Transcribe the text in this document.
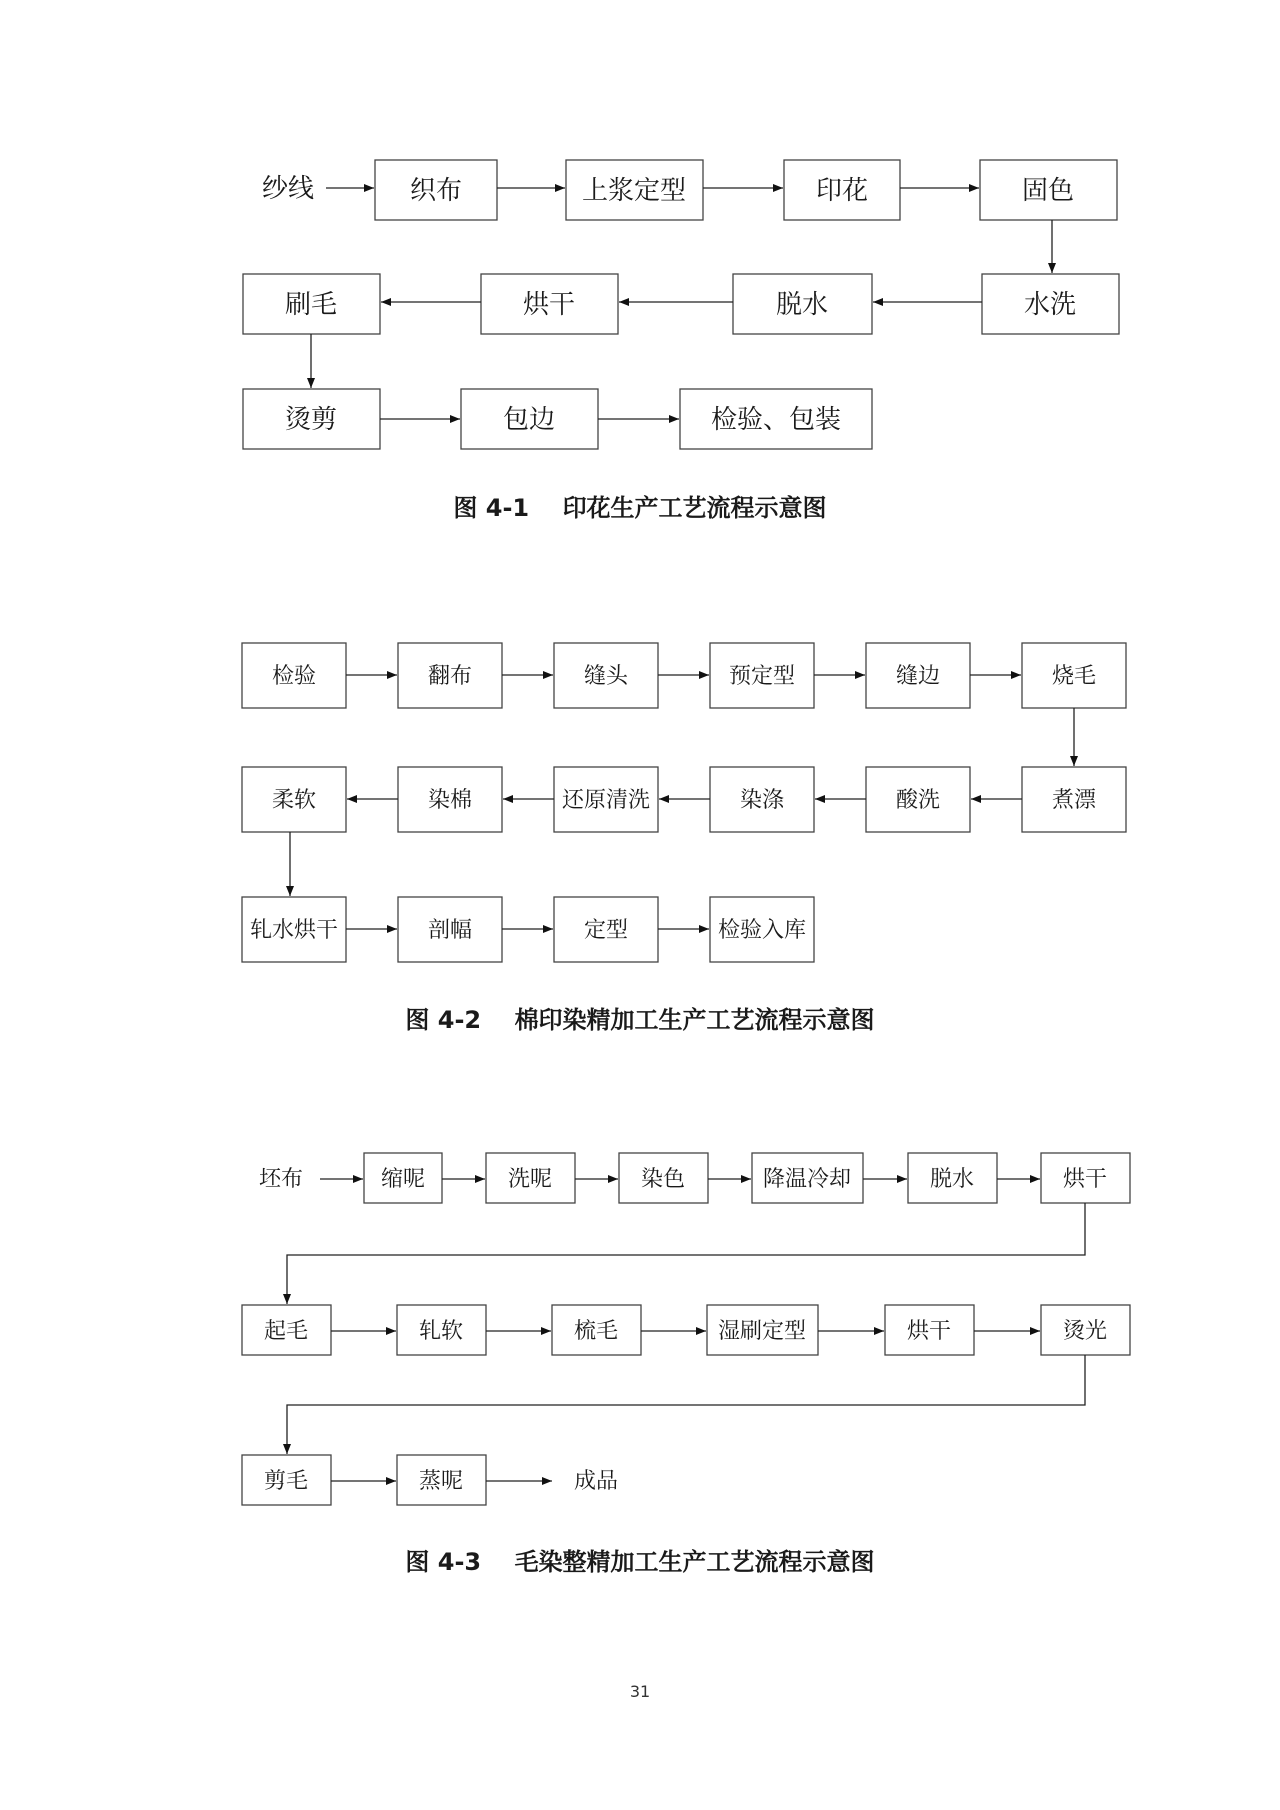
纱线	织布	上浆定型	印花	固色
水洗
脱水
烘干
刷毛
烫剪	包边	检验、包装
图 4-1 印花生产工艺流程示意图
检验	翻布	缝头	预定型	缝边	烧毛
煮漂
酸洗
染涤
还原清洗
染棉
柔软
轧水烘干	剖幅	定型	检验入库
图 4-2 棉印染精加工生产工艺流程示意图
坯布	缩呢	洗呢	染色	降温冷却	脱水	烘干
起毛	轧软	梳毛	湿刷定型	烘干	烫光
剪毛	蒸呢	成品
图 4-3 毛染整精加工生产工艺流程示意图
31
